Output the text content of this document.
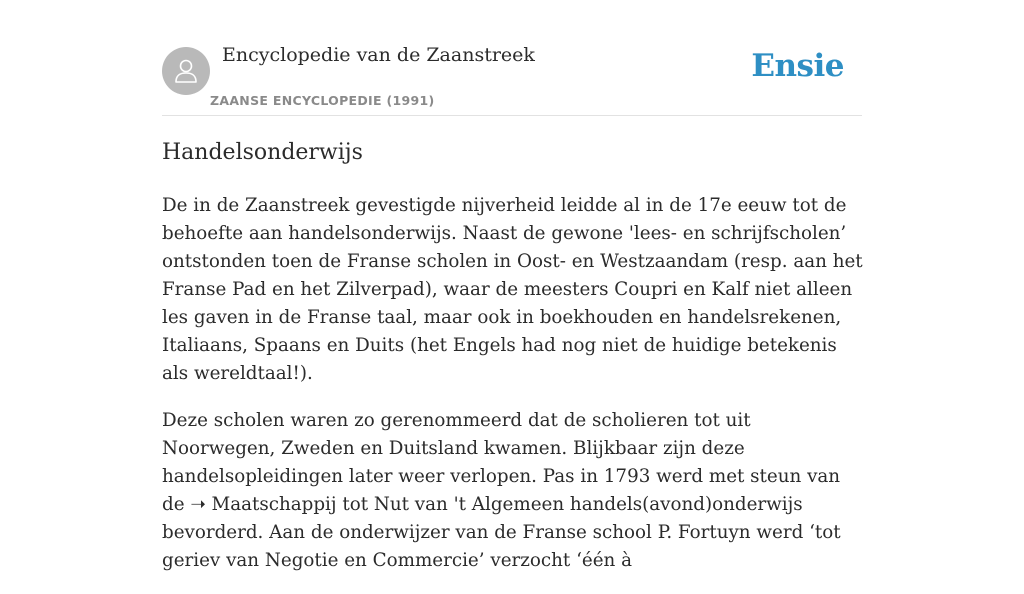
Encyclopedie van de Zaanstreek
ZAANSE ENCYCLOPEDIE (1991)
Ensie
Handelsonderwijs

De in de Zaanstreek gevestigde nijverheid leidde al in de 17e eeuw tot de behoefte aan handelsonderwijs. Naast de gewone 'lees- en schrijfscholen’ ontstonden toen de Franse scholen in Oost- en Westzaandam (resp. aan het Franse Pad en het Zilverpad), waar de meesters Coupri en Kalf niet alleen les gaven in de Franse taal, maar ook in boekhouden en handelsrekenen, Italiaans, Spaans en Duits (het Engels had nog niet de huidige betekenis als wereldtaal!).

Deze scholen waren zo gerenommeerd dat de scholieren tot uit Noorwegen, Zweden en Duitsland kwamen. Blijkbaar zijn deze handelsopleidingen later weer verlopen. Pas in 1793 werd met steun van de ➝ Maatschappij tot Nut van 't Algemeen handels(avond)onderwijs bevorderd. Aan de onderwijzer van de Franse school P. Fortuyn werd ‘tot geriev van Negotie en Commercie’ verzocht ‘één à
